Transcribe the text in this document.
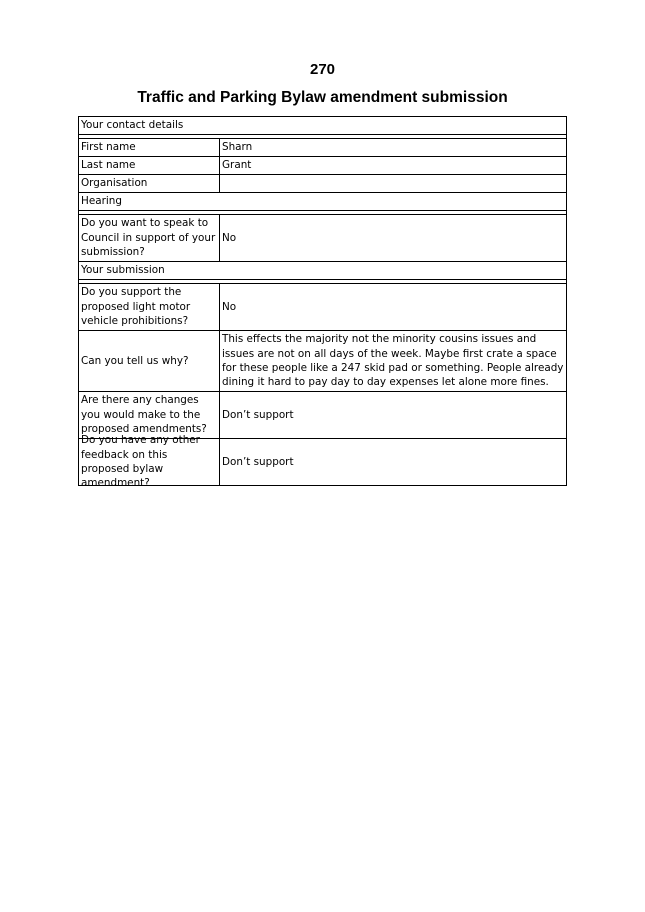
270
Traffic and Parking Bylaw amendment submission
Your contact details
First name	Sharn
Last name	Grant
Organisation
Hearing
Do you want to speak to Council in support of your submission?
No
Your submission
Do you support the proposed light motor vehicle prohibitions?
No
Can you tell us why?
This effects the majority not the minority cousins issues and issues are not on all days of the week. Maybe first crate a space for these people like a 247 skid pad or something. People already dining it hard to pay day to day expenses let alone more fines.
Are there any changes you would make to the proposed amendments?
Don’t support
Do you have any other feedback on this proposed bylaw amendment?
Don’t support
